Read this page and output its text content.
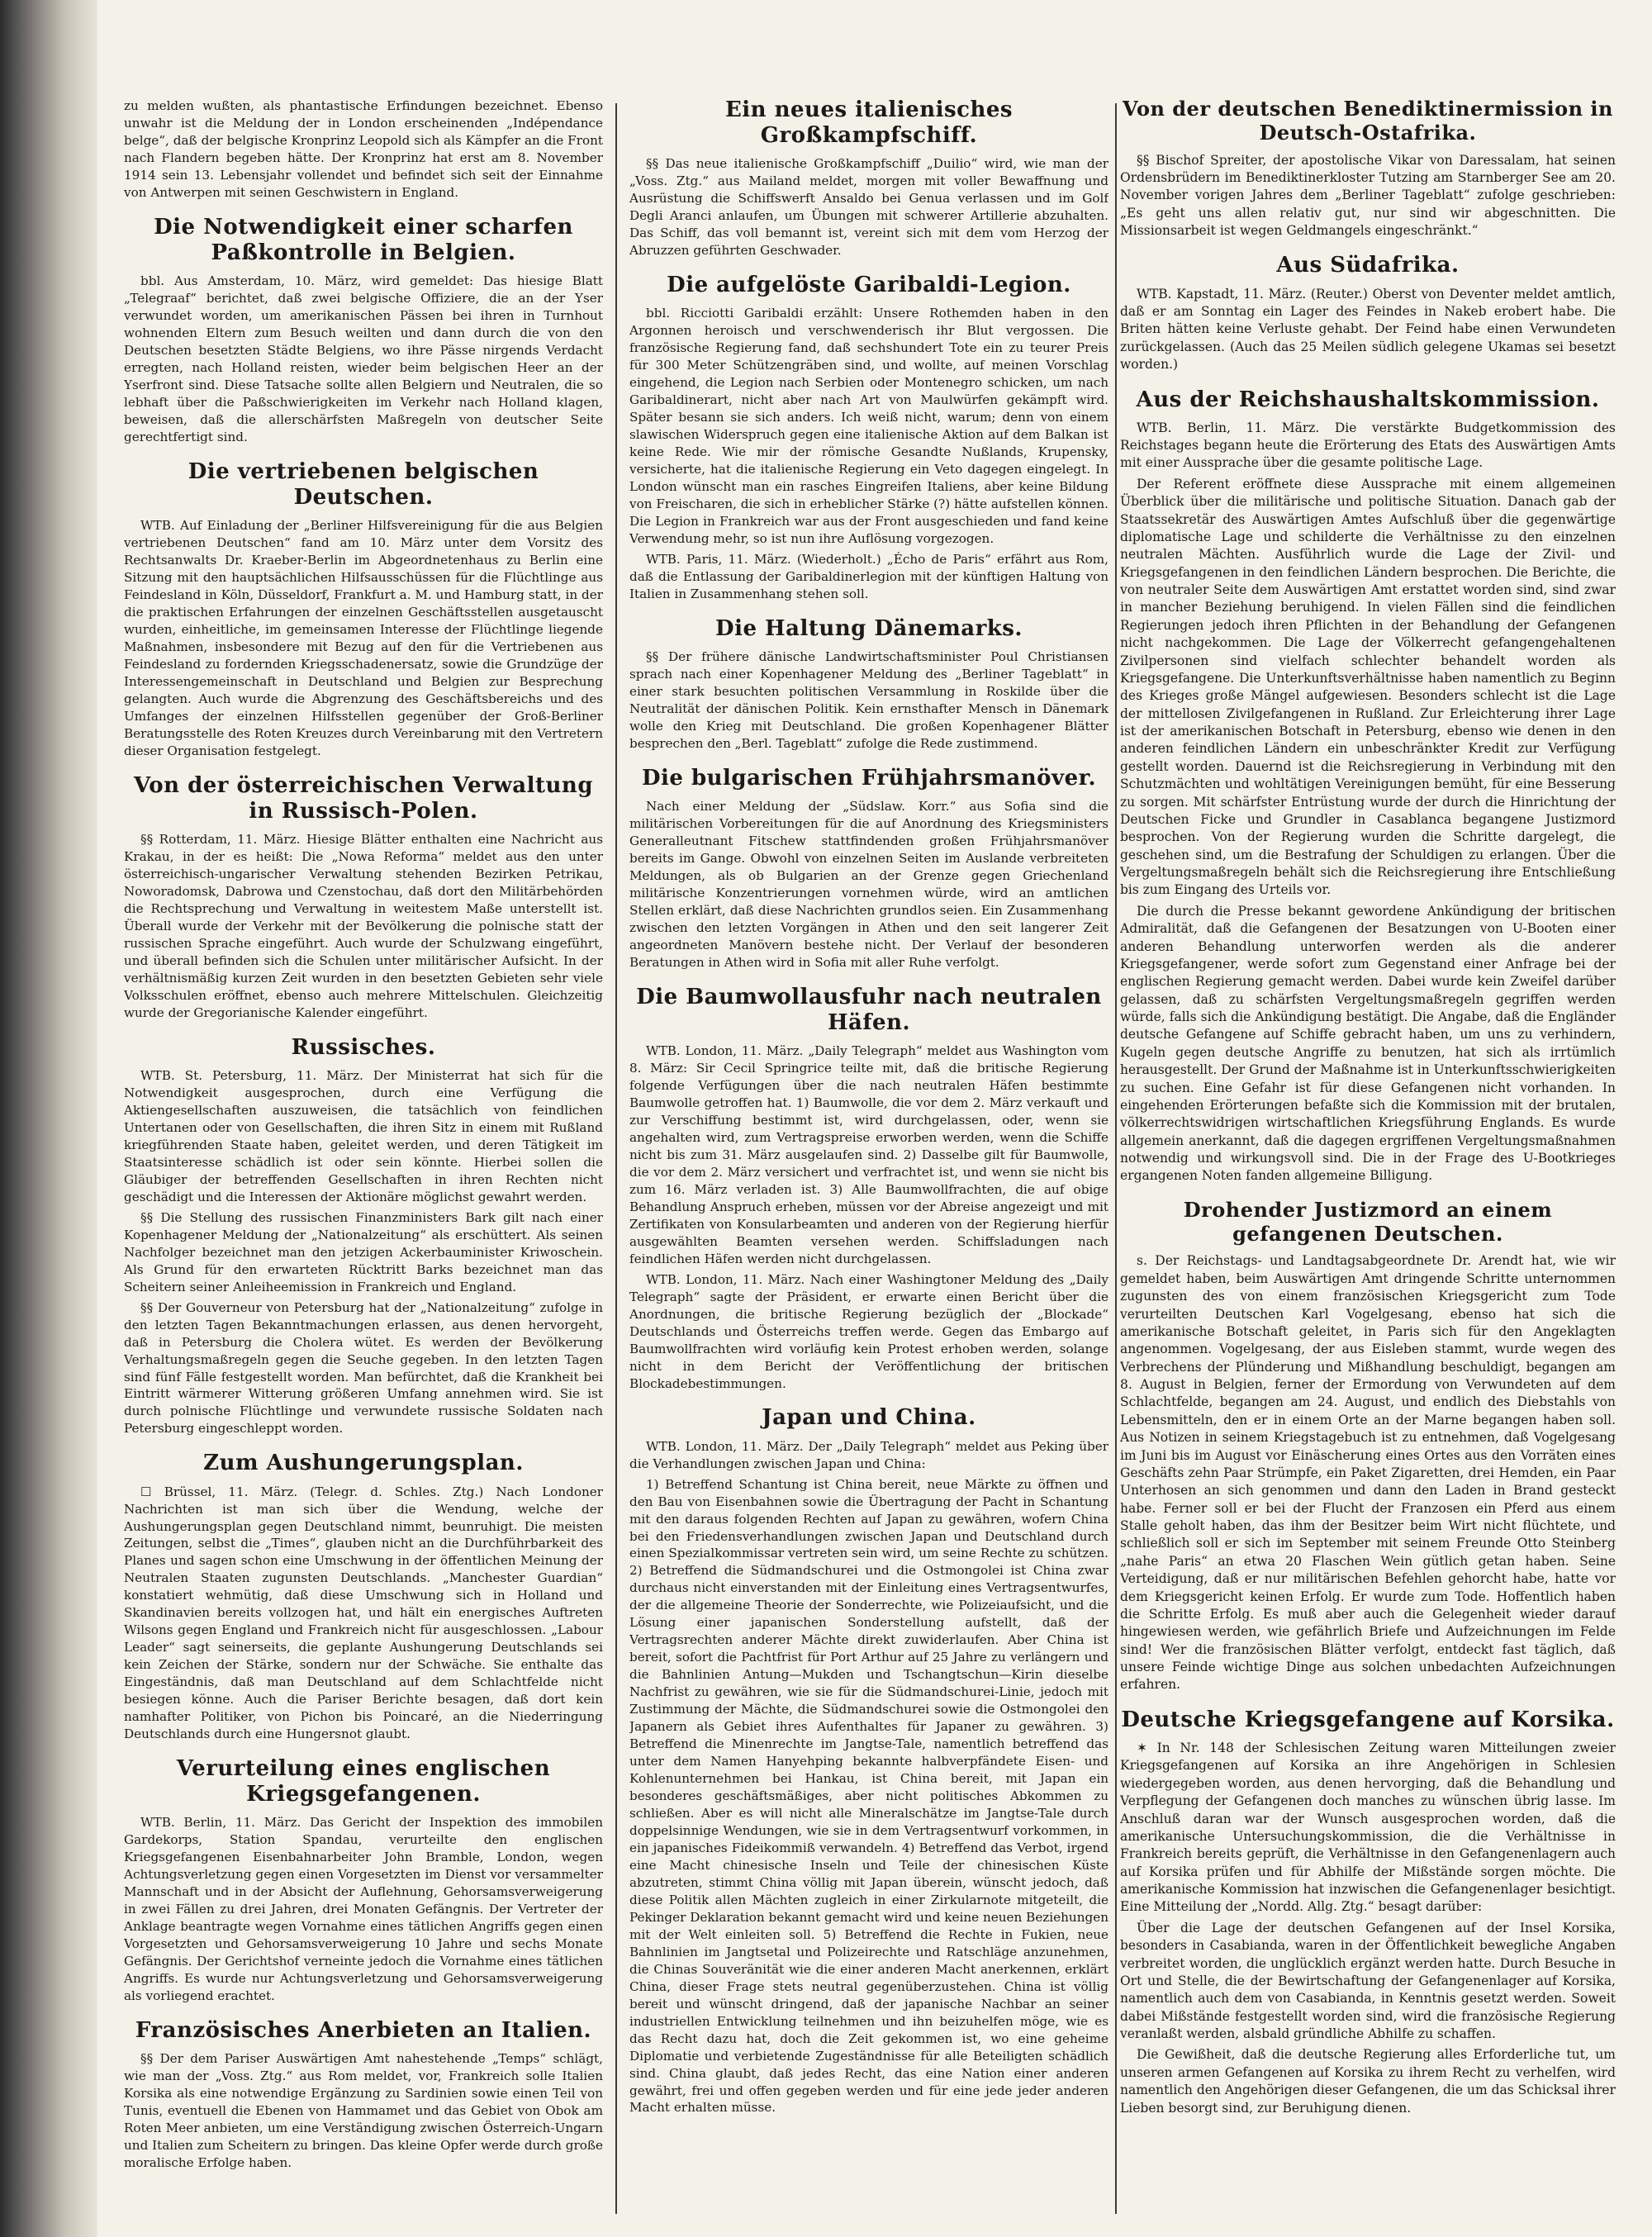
zu melden wußten, als phantastische Erfindungen bezeichnet. Ebenso unwahr ist die Meldung der in London erscheinenden „Indépendance belge“, daß der belgische Kronprinz Leopold sich als Kämpfer an die Front nach Flandern begeben hätte. Der Kronprinz hat erst am 8. November 1914 sein 13. Lebensjahr vollendet und befindet sich seit der Einnahme von Antwerpen mit seinen Geschwistern in England.

Die Notwendigkeit einer scharfen Paßkontrolle in Belgien.

bbl. Aus Amsterdam, 10. März, wird gemeldet: Das hiesige Blatt „Telegraaf“ berichtet, daß zwei belgische Offiziere, die an der Yser verwundet worden, um amerikanischen Pässen bei ihren in Turnhout wohnenden Eltern zum Besuch weilten und dann durch die von den Deutschen besetzten Städte Belgiens, wo ihre Pässe nirgends Verdacht erregten, nach Holland reisten, wieder beim belgischen Heer an der Yserfront sind. Diese Tatsache sollte allen Belgiern und Neutralen, die so lebhaft über die Paßschwierigkeiten im Verkehr nach Holland klagen, beweisen, daß die allerschärfsten Maßregeln von deutscher Seite gerechtfertigt sind.

Die vertriebenen belgischen Deutschen.

WTB. Auf Einladung der „Berliner Hilfsvereinigung für die aus Belgien vertriebenen Deutschen“ fand am 10. März unter dem Vorsitz des Rechtsanwalts Dr. Kraeber-Berlin im Abgeordnetenhaus zu Berlin eine Sitzung mit den hauptsächlichen Hilfsausschüssen für die Flüchtlinge aus Feindesland in Köln, Düsseldorf, Frankfurt a. M. und Hamburg statt, in der die praktischen Erfahrungen der einzelnen Geschäftsstellen ausgetauscht wurden, einheitliche, im gemeinsamen Interesse der Flüchtlinge liegende Maßnahmen, insbesondere mit Bezug auf den für die Vertriebenen aus Feindesland zu fordernden Kriegsschadenersatz, sowie die Grundzüge der Interessengemeinschaft in Deutschland und Belgien zur Besprechung gelangten. Auch wurde die Abgrenzung des Geschäftsbereichs und des Umfanges der einzelnen Hilfsstellen gegenüber der Groß-Berliner Beratungsstelle des Roten Kreuzes durch Vereinbarung mit den Vertretern dieser Organisation festgelegt.

Von der österreichischen Verwaltung in Russisch-Polen.

§§ Rotterdam, 11. März. Hiesige Blätter enthalten eine Nachricht aus Krakau, in der es heißt: Die „Nowa Reforma“ meldet aus den unter österreichisch-ungarischer Verwaltung stehenden Bezirken Petrikau, Noworadomsk, Dabrowa und Czenstochau, daß dort den Militärbehörden die Rechtsprechung und Verwaltung in weitestem Maße unterstellt ist. Überall wurde der Verkehr mit der Bevölkerung die polnische statt der russischen Sprache eingeführt. Auch wurde der Schulzwang eingeführt, und überall befinden sich die Schulen unter militärischer Aufsicht. In der verhältnismäßig kurzen Zeit wurden in den besetzten Gebieten sehr viele Volksschulen eröffnet, ebenso auch mehrere Mittelschulen. Gleichzeitig wurde der Gregorianische Kalender eingeführt.

Russisches.

WTB. St. Petersburg, 11. März. Der Ministerrat hat sich für die Notwendigkeit ausgesprochen, durch eine Verfügung die Aktiengesellschaften auszuweisen, die tatsächlich von feindlichen Untertanen oder von Gesellschaften, die ihren Sitz in einem mit Rußland kriegführenden Staate haben, geleitet werden, und deren Tätigkeit im Staatsinteresse schädlich ist oder sein könnte. Hierbei sollen die Gläubiger der betreffenden Gesellschaften in ihren Rechten nicht geschädigt und die Interessen der Aktionäre möglichst gewahrt werden.

§§ Die Stellung des russischen Finanzministers Bark gilt nach einer Kopenhagener Meldung der „Nationalzeitung“ als erschüttert. Als seinen Nachfolger bezeichnet man den jetzigen Ackerbauminister Kriwoschein. Als Grund für den erwarteten Rücktritt Barks bezeichnet man das Scheitern seiner Anleiheemission in Frankreich und England.

§§ Der Gouverneur von Petersburg hat der „Nationalzeitung“ zufolge in den letzten Tagen Bekanntmachungen erlassen, aus denen hervorgeht, daß in Petersburg die Cholera wütet. Es werden der Bevölkerung Verhaltungsmaßregeln gegen die Seuche gegeben. In den letzten Tagen sind fünf Fälle festgestellt worden. Man befürchtet, daß die Krankheit bei Eintritt wärmerer Witterung größeren Umfang annehmen wird. Sie ist durch polnische Flüchtlinge und verwundete russische Soldaten nach Petersburg eingeschleppt worden.

Zum Aushungerungsplan.

☐ Brüssel, 11. März. (Telegr. d. Schles. Ztg.) Nach Londoner Nachrichten ist man sich über die Wendung, welche der Aushungerungsplan gegen Deutschland nimmt, beunruhigt. Die meisten Zeitungen, selbst die „Times“, glauben nicht an die Durchführbarkeit des Planes und sagen schon eine Umschwung in der öffentlichen Meinung der Neutralen Staaten zugunsten Deutschlands. „Manchester Guardian“ konstatiert wehmütig, daß diese Umschwung sich in Holland und Skandinavien bereits vollzogen hat, und hält ein energisches Auftreten Wilsons gegen England und Frankreich nicht für ausgeschlossen. „Labour Leader“ sagt seinerseits, die geplante Aushungerung Deutschlands sei kein Zeichen der Stärke, sondern nur der Schwäche. Sie enthalte das Eingeständnis, daß man Deutschland auf dem Schlachtfelde nicht besiegen könne. Auch die Pariser Berichte besagen, daß dort kein namhafter Politiker, von Pichon bis Poincaré, an die Niederringung Deutschlands durch eine Hungersnot glaubt.

Verurteilung eines englischen Kriegsgefangenen.

WTB. Berlin, 11. März. Das Gericht der Inspektion des immobilen Gardekorps, Station Spandau, verurteilte den englischen Kriegsgefangenen Eisenbahnarbeiter John Bramble, London, wegen Achtungsverletzung gegen einen Vorgesetzten im Dienst vor versammelter Mannschaft und in der Absicht der Auflehnung, Gehorsamsverweigerung in zwei Fällen zu drei Jahren, drei Monaten Gefängnis. Der Vertreter der Anklage beantragte wegen Vornahme eines tätlichen Angriffs gegen einen Vorgesetzten und Gehorsamsverweigerung 10 Jahre und sechs Monate Gefängnis. Der Gerichtshof verneinte jedoch die Vornahme eines tätlichen Angriffs. Es wurde nur Achtungsverletzung und Gehorsamsverweigerung als vorliegend erachtet.

Französisches Anerbieten an Italien.

§§ Der dem Pariser Auswärtigen Amt nahestehende „Temps“ schlägt, wie man der „Voss. Ztg.“ aus Rom meldet, vor, Frankreich solle Italien Korsika als eine notwendige Ergänzung zu Sardinien sowie einen Teil von Tunis, eventuell die Ebenen von Hammamet und das Gebiet von Obok am Roten Meer anbieten, um eine Verständigung zwischen Österreich-Ungarn und Italien zum Scheitern zu bringen. Das kleine Opfer werde durch große moralische Erfolge haben.

Ein neues italienisches Großkampfschiff.

§§ Das neue italienische Großkampfschiff „Duilio“ wird, wie man der „Voss. Ztg.“ aus Mailand meldet, morgen mit voller Bewaffnung und Ausrüstung die Schiffswerft Ansaldo bei Genua verlassen und im Golf Degli Aranci anlaufen, um Übungen mit schwerer Artillerie abzuhalten. Das Schiff, das voll bemannt ist, vereint sich mit dem vom Herzog der Abruzzen geführten Geschwader.

Die aufgelöste Garibaldi-Legion.

bbl. Ricciotti Garibaldi erzählt: Unsere Rothemden haben in den Argonnen heroisch und verschwenderisch ihr Blut vergossen. Die französische Regierung fand, daß sechshundert Tote ein zu teurer Preis für 300 Meter Schützengräben sind, und wollte, auf meinen Vorschlag eingehend, die Legion nach Serbien oder Montenegro schicken, um nach Garibaldinerart, nicht aber nach Art von Maulwürfen gekämpft wird. Später besann sie sich anders. Ich weiß nicht, warum; denn von einem slawischen Widerspruch gegen eine italienische Aktion auf dem Balkan ist keine Rede. Wie mir der römische Gesandte Nußlands, Krupensky, versicherte, hat die italienische Regierung ein Veto dagegen eingelegt. In London wünscht man ein rasches Eingreifen Italiens, aber keine Bildung von Freischaren, die sich in erheblicher Stärke (?) hätte aufstellen können. Die Legion in Frankreich war aus der Front ausgeschieden und fand keine Verwendung mehr, so ist nun ihre Auflösung vorgezogen.

WTB. Paris, 11. März. (Wiederholt.) „Écho de Paris“ erfährt aus Rom, daß die Entlassung der Garibaldinerlegion mit der künftigen Haltung von Italien in Zusammenhang stehen soll.

Die Haltung Dänemarks.

§§ Der frühere dänische Landwirtschaftsminister Poul Christiansen sprach nach einer Kopenhagener Meldung des „Berliner Tageblatt“ in einer stark besuchten politischen Versammlung in Roskilde über die Neutralität der dänischen Politik. Kein ernsthafter Mensch in Dänemark wolle den Krieg mit Deutschland. Die großen Kopenhagener Blätter besprechen den „Berl. Tageblatt“ zufolge die Rede zustimmend.

Die bulgarischen Frühjahrsmanöver.

Nach einer Meldung der „Südslaw. Korr.“ aus Sofia sind die militärischen Vorbereitungen für die auf Anordnung des Kriegsministers Generalleutnant Fitschew stattfindenden großen Frühjahrsmanöver bereits im Gange. Obwohl von einzelnen Seiten im Auslande verbreiteten Meldungen, als ob Bulgarien an der Grenze gegen Griechenland militärische Konzentrierungen vornehmen würde, wird an amtlichen Stellen erklärt, daß diese Nachrichten grundlos seien. Ein Zusammenhang zwischen den letzten Vorgängen in Athen und den seit langerer Zeit angeordneten Manövern bestehe nicht. Der Verlauf der besonderen Beratungen in Athen wird in Sofia mit aller Ruhe verfolgt.

Die Baumwollausfuhr nach neutralen Häfen.

WTB. London, 11. März. „Daily Telegraph“ meldet aus Washington vom 8. März: Sir Cecil Springrice teilte mit, daß die britische Regierung folgende Verfügungen über die nach neutralen Häfen bestimmte Baumwolle getroffen hat. 1) Baumwolle, die vor dem 2. März verkauft und zur Verschiffung bestimmt ist, wird durchgelassen, oder, wenn sie angehalten wird, zum Vertragspreise erworben werden, wenn die Schiffe nicht bis zum 31. März ausgelaufen sind. 2) Dasselbe gilt für Baumwolle, die vor dem 2. März versichert und verfrachtet ist, und wenn sie nicht bis zum 16. März verladen ist. 3) Alle Baumwollfrachten, die auf obige Behandlung Anspruch erheben, müssen vor der Abreise angezeigt und mit Zertifikaten von Konsularbeamten und anderen von der Regierung hierfür ausgewählten Beamten versehen werden. Schiffsladungen nach feindlichen Häfen werden nicht durchgelassen.

WTB. London, 11. März. Nach einer Washingtoner Meldung des „Daily Telegraph“ sagte der Präsident, er erwarte einen Bericht über die Anordnungen, die britische Regierung bezüglich der „Blockade“ Deutschlands und Österreichs treffen werde. Gegen das Embargo auf Baumwollfrachten wird vorläufig kein Protest erhoben werden, solange nicht in dem Bericht der Veröffentlichung der britischen Blockadebestimmungen.

Japan und China.

WTB. London, 11. März. Der „Daily Telegraph“ meldet aus Peking über die Verhandlungen zwischen Japan und China:

1) Betreffend Schantung ist China bereit, neue Märkte zu öffnen und den Bau von Eisenbahnen sowie die Übertragung der Pacht in Schantung mit den daraus folgenden Rechten auf Japan zu gewähren, wofern China bei den Friedensverhandlungen zwischen Japan und Deutschland durch einen Spezialkommissar vertreten sein wird, um seine Rechte zu schützen. 2) Betreffend die Südmandschurei und die Ostmongolei ist China zwar durchaus nicht einverstanden mit der Einleitung eines Vertragsentwurfes, der die allgemeine Theorie der Sonderrechte, wie Polizeiaufsicht, und die Lösung einer japanischen Sonderstellung aufstellt, daß der Vertragsrechten anderer Mächte direkt zuwiderlaufen. Aber China ist bereit, sofort die Pachtfrist für Port Arthur auf 25 Jahre zu verlängern und die Bahnlinien Antung—Mukden und Tschangtschun—Kirin dieselbe Nachfrist zu gewähren, wie sie für die Südmandschurei-Linie, jedoch mit Zustimmung der Mächte, die Südmandschurei sowie die Ostmongolei den Japanern als Gebiet ihres Aufenthaltes für Japaner zu gewähren. 3) Betreffend die Minenrechte im Jangtse-Tale, namentlich betreffend das unter dem Namen Hanyehping bekannte halbverpfändete Eisen- und Kohlenunternehmen bei Hankau, ist China bereit, mit Japan ein besonderes geschäftsmäßiges, aber nicht politisches Abkommen zu schließen. Aber es will nicht alle Mineralschätze im Jangtse-Tale durch doppelsinnige Wendungen, wie sie in dem Vertragsentwurf vorkommen, in ein japanisches Fideikommiß verwandeln. 4) Betreffend das Verbot, irgend eine Macht chinesische Inseln und Teile der chinesischen Küste abzutreten, stimmt China völlig mit Japan überein, wünscht jedoch, daß diese Politik allen Mächten zugleich in einer Zirkularnote mitgeteilt, die Pekinger Deklaration bekannt gemacht wird und keine neuen Beziehungen mit der Welt einleiten soll. 5) Betreffend die Rechte in Fukien, neue Bahnlinien im Jangtsetal und Polizeirechte und Ratschläge anzunehmen, die Chinas Souveränität wie die einer anderen Macht anerkennen, erklärt China, dieser Frage stets neutral gegenüberzustehen. China ist völlig bereit und wünscht dringend, daß der japanische Nachbar an seiner industriellen Entwicklung teilnehmen und ihn beizuhelfen möge, wie es das Recht dazu hat, doch die Zeit gekommen ist, wo eine geheime Diplomatie und verbietende Zugeständnisse für alle Beteiligten schädlich sind. China glaubt, daß jedes Recht, das eine Nation einer anderen gewährt, frei und offen gegeben werden und für eine jede jeder anderen Macht erhalten müsse.

Von der deutschen Benediktinermission in Deutsch-Ostafrika.

§§ Bischof Spreiter, der apostolische Vikar von Daressalam, hat seinen Ordensbrüdern im Benediktinerkloster Tutzing am Starnberger See am 20. November vorigen Jahres dem „Berliner Tageblatt“ zufolge geschrieben: „Es geht uns allen relativ gut, nur sind wir abgeschnitten. Die Missionsarbeit ist wegen Geldmangels eingeschränkt.“

Aus Südafrika.

WTB. Kapstadt, 11. März. (Reuter.) Oberst von Deventer meldet amtlich, daß er am Sonntag ein Lager des Feindes in Nakeb erobert habe. Die Briten hätten keine Verluste gehabt. Der Feind habe einen Verwundeten zurückgelassen. (Auch das 25 Meilen südlich gelegene Ukamas sei besetzt worden.)

Aus der Reichshaushaltskommission.

WTB. Berlin, 11. März. Die verstärkte Budgetkommission des Reichstages begann heute die Erörterung des Etats des Auswärtigen Amts mit einer Aussprache über die gesamte politische Lage.

Der Referent eröffnete diese Aussprache mit einem allgemeinen Überblick über die militärische und politische Situation. Danach gab der Staatssekretär des Auswärtigen Amtes Aufschluß über die gegenwärtige diplomatische Lage und schilderte die Verhältnisse zu den einzelnen neutralen Mächten. Ausführlich wurde die Lage der Zivil- und Kriegsgefangenen in den feindlichen Ländern besprochen. Die Berichte, die von neutraler Seite dem Auswärtigen Amt erstattet worden sind, sind zwar in mancher Beziehung beruhigend. In vielen Fällen sind die feindlichen Regierungen jedoch ihren Pflichten in der Behandlung der Gefangenen nicht nachgekommen. Die Lage der Völkerrecht gefangengehaltenen Zivilpersonen sind vielfach schlechter behandelt worden als Kriegsgefangene. Die Unterkunftsverhältnisse haben namentlich zu Beginn des Krieges große Mängel aufgewiesen. Besonders schlecht ist die Lage der mittellosen Zivilgefangenen in Rußland. Zur Erleichterung ihrer Lage ist der amerikanischen Botschaft in Petersburg, ebenso wie denen in den anderen feindlichen Ländern ein unbeschränkter Kredit zur Verfügung gestellt worden. Dauernd ist die Reichsregierung in Verbindung mit den Schutzmächten und wohltätigen Vereinigungen bemüht, für eine Besserung zu sorgen. Mit schärfster Entrüstung wurde der durch die Hinrichtung der Deutschen Ficke und Grundler in Casablanca begangene Justizmord besprochen. Von der Regierung wurden die Schritte dargelegt, die geschehen sind, um die Bestrafung der Schuldigen zu erlangen. Über die Vergeltungsmaßregeln behält sich die Reichsregierung ihre Entschließung bis zum Eingang des Urteils vor.

Die durch die Presse bekannt gewordene Ankündigung der britischen Admiralität, daß die Gefangenen der Besatzungen von U-Booten einer anderen Behandlung unterworfen werden als die anderer Kriegsgefangener, werde sofort zum Gegenstand einer Anfrage bei der englischen Regierung gemacht werden. Dabei wurde kein Zweifel darüber gelassen, daß zu schärfsten Vergeltungsmaßregeln gegriffen werden würde, falls sich die Ankündigung bestätigt. Die Angabe, daß die Engländer deutsche Gefangene auf Schiffe gebracht haben, um uns zu verhindern, Kugeln gegen deutsche Angriffe zu benutzen, hat sich als irrtümlich herausgestellt. Der Grund der Maßnahme ist in Unterkunftsschwierigkeiten zu suchen. Eine Gefahr ist für diese Gefangenen nicht vorhanden. In eingehenden Erörterungen befaßte sich die Kommission mit der brutalen, völkerrechtswidrigen wirtschaftlichen Kriegsführung Englands. Es wurde allgemein anerkannt, daß die dagegen ergriffenen Vergeltungsmaßnahmen notwendig und wirkungsvoll sind. Die in der Frage des U-Bootkrieges ergangenen Noten fanden allgemeine Billigung.

Drohender Justizmord an einem gefangenen Deutschen.

s. Der Reichstags- und Landtagsabgeordnete Dr. Arendt hat, wie wir gemeldet haben, beim Auswärtigen Amt dringende Schritte unternommen zugunsten des von einem französischen Kriegsgericht zum Tode verurteilten Deutschen Karl Vogelgesang, ebenso hat sich die amerikanische Botschaft geleitet, in Paris sich für den Angeklagten angenommen. Vogelgesang, der aus Eisleben stammt, wurde wegen des Verbrechens der Plünderung und Mißhandlung beschuldigt, begangen am 8. August in Belgien, ferner der Ermordung von Verwundeten auf dem Schlachtfelde, begangen am 24. August, und endlich des Diebstahls von Lebensmitteln, den er in einem Orte an der Marne begangen haben soll. Aus Notizen in seinem Kriegstagebuch ist zu entnehmen, daß Vogelgesang im Juni bis im August vor Einäscherung eines Ortes aus den Vorräten eines Geschäfts zehn Paar Strümpfe, ein Paket Zigaretten, drei Hemden, ein Paar Unterhosen an sich genommen und dann den Laden in Brand gesteckt habe. Ferner soll er bei der Flucht der Franzosen ein Pferd aus einem Stalle geholt haben, das ihm der Besitzer beim Wirt nicht flüchtete, und schließlich soll er sich im September mit seinem Freunde Otto Steinberg „nahe Paris“ an etwa 20 Flaschen Wein gütlich getan haben. Seine Verteidigung, daß er nur militärischen Befehlen gehorcht habe, hatte vor dem Kriegsgericht keinen Erfolg. Er wurde zum Tode. Hoffentlich haben die Schritte Erfolg. Es muß aber auch die Gelegenheit wieder darauf hingewiesen werden, wie gefährlich Briefe und Aufzeichnungen im Felde sind! Wer die französischen Blätter verfolgt, entdeckt fast täglich, daß unsere Feinde wichtige Dinge aus solchen unbedachten Aufzeichnungen erfahren.

Deutsche Kriegsgefangene auf Korsika.

✶ In Nr. 148 der Schlesischen Zeitung waren Mitteilungen zweier Kriegsgefangenen auf Korsika an ihre Angehörigen in Schlesien wiedergegeben worden, aus denen hervorging, daß die Behandlung und Verpflegung der Gefangenen doch manches zu wünschen übrig lasse. Im Anschluß daran war der Wunsch ausgesprochen worden, daß die amerikanische Untersuchungskommission, die die Verhältnisse in Frankreich bereits geprüft, die Verhältnisse in den Gefangenenlagern auch auf Korsika prüfen und für Abhilfe der Mißstände sorgen möchte. Die amerikanische Kommission hat inzwischen die Gefangenenlager besichtigt. Eine Mitteilung der „Nordd. Allg. Ztg.“ besagt darüber:

Über die Lage der deutschen Gefangenen auf der Insel Korsika, besonders in Casabianda, waren in der Öffentlichkeit bewegliche Angaben verbreitet worden, die unglücklich ergänzt werden hatte. Durch Besuche in Ort und Stelle, die der Bewirtschaftung der Gefangenenlager auf Korsika, namentlich auch dem von Casabianda, in Kenntnis gesetzt werden. Soweit dabei Mißstände festgestellt worden sind, wird die französische Regierung veranlaßt werden, alsbald gründliche Abhilfe zu schaffen.

Die Gewißheit, daß die deutsche Regierung alles Erforderliche tut, um unseren armen Gefangenen auf Korsika zu ihrem Recht zu verhelfen, wird namentlich den Angehörigen dieser Gefangenen, die um das Schicksal ihrer Lieben besorgt sind, zur Beruhigung dienen.
